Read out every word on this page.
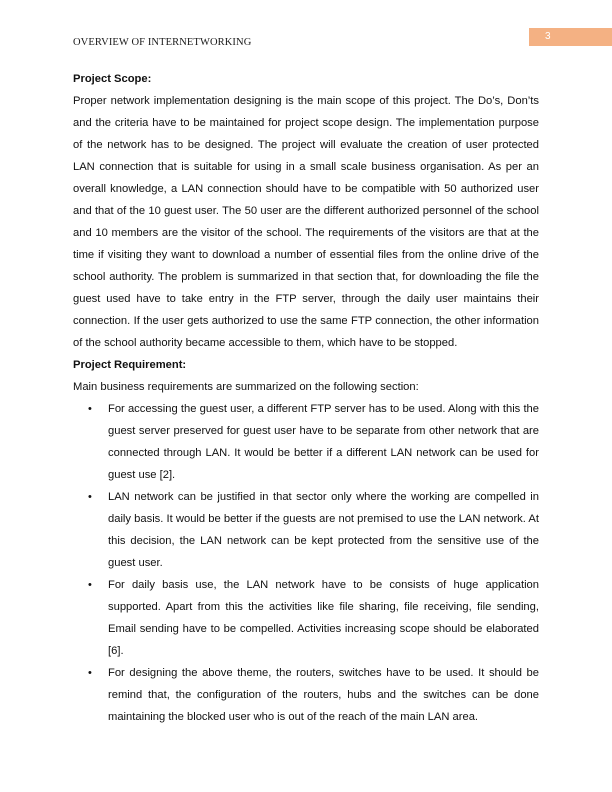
OVERVIEW OF INTERNETWORKING
3

Project Scope:

Proper network implementation designing is the main scope of this project. The Do’s, Don’ts and the criteria have to be maintained for project scope design. The implementation purpose of the network has to be designed. The project will evaluate the creation of user protected LAN connection that is suitable for using in a small scale business organisation. As per an overall knowledge, a LAN connection should have to be compatible with 50 authorized user and that of the 10 guest user. The 50 user are the different authorized personnel of the school and 10 members are the visitor of the school. The requirements of the visitors are that at the time if visiting they want to download a number of essential files from the online drive of the school authority. The problem is summarized in that section that, for downloading the file the guest used have to take entry in the FTP server, through the daily user maintains their connection. If the user gets authorized to use the same FTP connection, the other information of the school authority became accessible to them, which have to be stopped.

Project Requirement:

Main business requirements are summarized on the following section:

• For accessing the guest user, a different FTP server has to be used. Along with this the guest server preserved for guest user have to be separate from other network that are connected through LAN. It would be better if a different LAN network can be used for guest use [2].
• LAN network can be justified in that sector only where the working are compelled in daily basis. It would be better if the guests are not premised to use the LAN network. At this decision, the LAN network can be kept protected from the sensitive use of the guest user.
• For daily basis use, the LAN network have to be consists of huge application supported. Apart from this the activities like file sharing, file receiving, file sending, Email sending have to be compelled. Activities increasing scope should be elaborated [6].
• For designing the above theme, the routers, switches have to be used. It should be remind that, the configuration of the routers, hubs and the switches can be done maintaining the blocked user who is out of the reach of the main LAN area.
